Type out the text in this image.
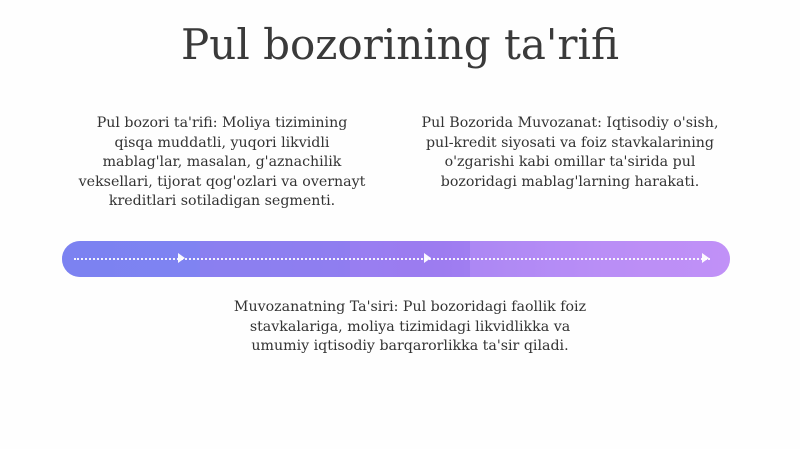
Pul bozorining ta'rifi
Pul bozori ta'rifi: Moliya tizimining
qisqa muddatli, yuqori likvidli
mablag'lar, masalan, g'aznachilik
veksellari, tijorat qog'ozlari va overnayt
kreditlari sotiladigan segmenti.
Pul Bozorida Muvozanat: Iqtisodiy o'sish,
pul-kredit siyosati va foiz stavkalarining
o'zgarishi kabi omillar ta'sirida pul
bozoridagi mablag'larning harakati.
Muvozanatning Ta'siri: Pul bozoridagi faollik foiz
stavkalariga, moliya tizimidagi likvidlikka va
umumiy iqtisodiy barqarorlikka ta'sir qiladi.
